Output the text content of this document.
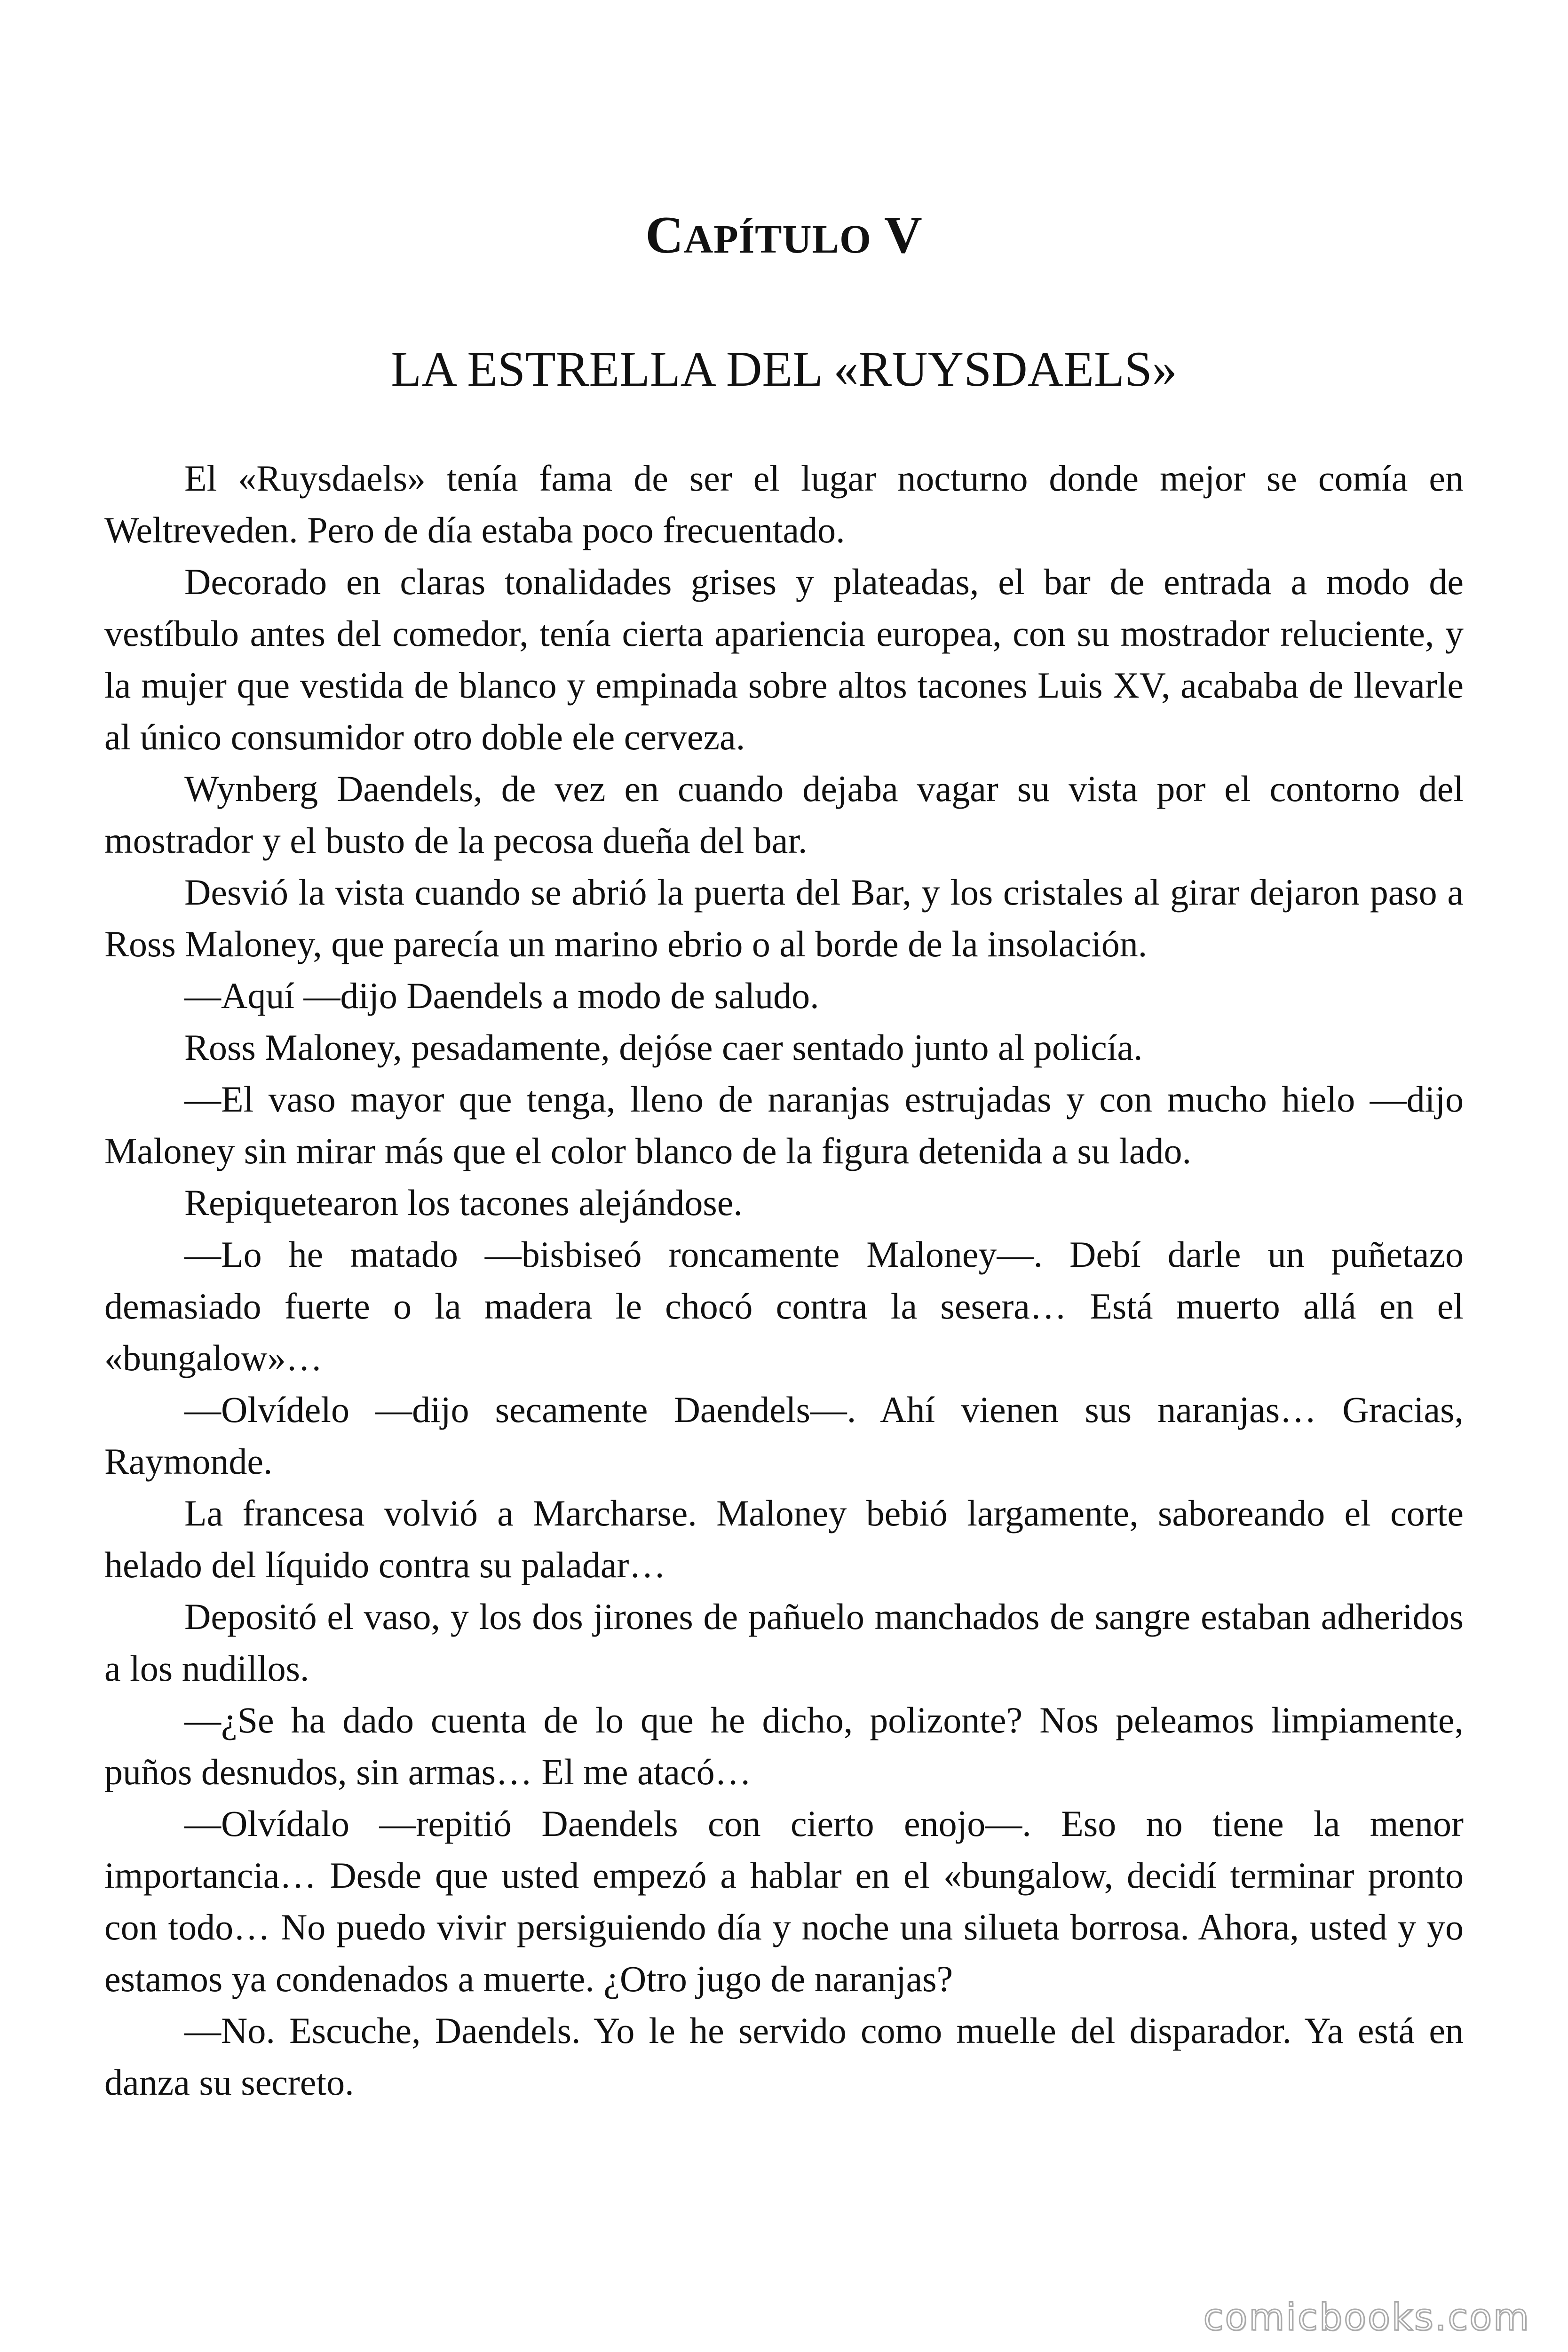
CAPÍTULO V
LA ESTRELLA DEL «RUYSDAELS»

El «Ruysdaels» tenía fama de ser el lugar nocturno donde mejor se comía en Weltreveden. Pero de día estaba poco frecuentado.

Decorado en claras tonalidades grises y plateadas, el bar de entrada a modo de vestíbulo antes del comedor, tenía cierta apariencia europea, con su mostrador reluciente, y la mujer que vestida de blanco y empinada sobre altos tacones Luis XV, acababa de llevarle al único consumidor otro doble ele cerveza.

Wynberg Daendels, de vez en cuando dejaba vagar su vista por el contorno del mostrador y el busto de la pecosa dueña del bar.

Desvió la vista cuando se abrió la puerta del Bar, y los cristales al girar dejaron paso a Ross Maloney, que parecía un marino ebrio o al borde de la insolación.

—Aquí —dijo Daendels a modo de saludo.

Ross Maloney, pesadamente, dejóse caer sentado junto al policía.

—El vaso mayor que tenga, lleno de naranjas estrujadas y con mucho hielo —dijo Maloney sin mirar más que el color blanco de la figura detenida a su lado.

Repiquetearon los tacones alejándose.

—Lo he matado —bisbiseó roncamente Maloney—. Debí darle un puñetazo demasiado fuerte o la madera le chocó contra la sesera… Está muerto allá en el «bungalow»…

—Olvídelo —dijo secamente Daendels—. Ahí vienen sus naranjas… Gracias, Raymonde.

La francesa volvió a Marcharse. Maloney bebió largamente, saboreando el corte helado del líquido contra su paladar…

Depositó el vaso, y los dos jirones de pañuelo manchados de sangre estaban adheridos a los nudillos.

—¿Se ha dado cuenta de lo que he dicho, polizonte? Nos peleamos limpiamente, puños desnudos, sin armas… El me atacó…

—Olvídalo —repitió Daendels con cierto enojo—. Eso no tiene la menor importancia… Desde que usted empezó a hablar en el «bungalow, decidí terminar pronto con todo… No puedo vivir persiguiendo día y noche una silueta borrosa. Ahora, usted y yo estamos ya condenados a muerte. ¿Otro jugo de naranjas?

—No. Escuche, Daendels. Yo le he servido como muelle del disparador. Ya está en danza su secreto.

comicbooks.com
